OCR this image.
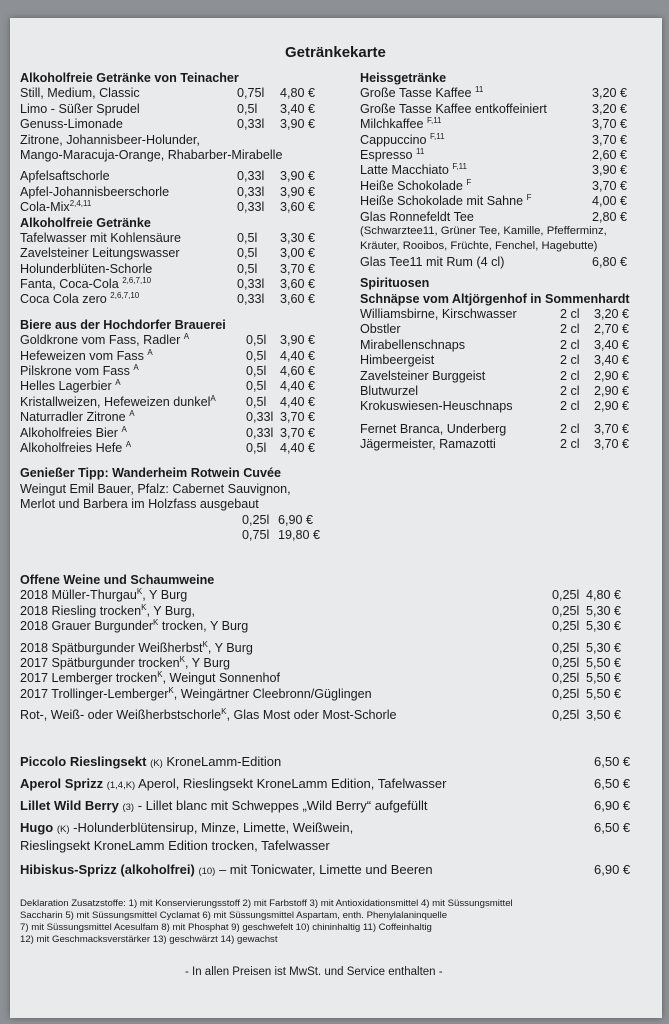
Getränkekarte
Alkoholfreie Getränke von Teinacher
Still, Medium, Classic	0,75l 4,80 €
Limo - Süßer Sprudel	0,5l 3,40 €
Genuss-Limonade	0,33l 3,90 €
Zitrone, Johannisbeer-Holunder,
Mango-Maracuja-Orange, Rhabarber-Mirabelle
Apfelsaftschorle	0,33l 3,90 €
Apfel-Johannisbeerschorle	0,33l 3,90 €
Cola-Mix$^{2,4,11}$	0,33l 3,60 €
Alkoholfreie Getränke
Tafelwasser mit Kohlensäure	0,5l 3,30 €
Zavelsteiner Leitungswasser	0,5l 3,00 €
Holunderblüten-Schorle	0,5l 3,70 €
Fanta, Coca-Cola $^{2,6,7,10}$	0,33l 3,60 €
Coca Cola zero $^{2,6,7,10}$	0,33l 3,60 €
Biere aus der Hochdorfer Brauerei
Goldkrone vom Fass, Radler $^A$	0,5l 3,90 €
Hefeweizen vom Fass $^A$	0,5l 4,40 €
Pilskrone vom Fass $^A$	0,5l 4,60 €
Helles Lagerbier $^A$	0,5l 4,40 €
Kristallweizen, Hefeweizen dunkel$^A$ 0,5l 4,40 €
Naturradler Zitrone $^A$	0,33l 3,70 €
Alkoholfreies Bier $^A$	0,33l 3,70 €
Alkoholfreies Hefe $^A$	0,5l 4,40 €
Genießer Tipp: Wanderheim Rotwein Cuvée
Weingut Emil Bauer, Pfalz: Cabernet Sauvignon,
Merlot und Barbera im Holzfass ausgebaut
0,25l 6,90 €
0,75l 19,80 €
Heissgetränke
Große Tasse Kaffee $^{11}$	3,20 €
Große Tasse Kaffee entkoffeiniert	3,20 €
Milchkaffee $^{F,11}$	3,70 €
Cappuccino $^{F,11}$	3,70 €
Espresso $^{11}$	2,60 €
Latte Macchiato $^{F,11}$	3,90 €
Heiße Schokolade $^F$	3,70 €
Heiße Schokolade mit Sahne $^F$	4,00 €
Glas Ronnefeldt Tee	2,80 €
(Schwarztee11, Grüner Tee, Kamille, Pfefferminz,
Kräuter, Rooibos, Früchte, Fenchel, Hagebutte)
Glas Tee11 mit Rum (4 cl)	6,80 €
Spirituosen
Schnäpse vom Altjörgenhof in Sommenhardt
Williamsbirne, Kirschwasser	2 cl 3,20 €
Obstler	2 cl 2,70 €
Mirabellenschnaps	2 cl 3,40 €
Himbeergeist	2 cl 3,40 €
Zavelsteiner Burggeist	2 cl 2,90 €
Blutwurzel	2 cl 2,90 €
Krokuswiesen-Heuschnaps	2 cl 2,90 €
Fernet Branca, Underberg	2 cl 3,70 €
Jägermeister, Ramazotti	2 cl 3,70 €
Offene Weine und Schaumweine
2018 Müller-Thurgau$^K$, Y Burg	0,25l 4,80 €
2018 Riesling trocken$^K$, Y Burg,	0,25l 5,30 €
2018 Grauer Burgunder$^K$ trocken, Y Burg	0,25l 5,30 €
2018 Spätburgunder Weißherbst$^K$, Y Burg	0,25l 5,30 €
2017 Spätburgunder trocken$^K$, Y Burg	0,25l 5,50 €
2017 Lemberger trocken$^K$, Weingut Sonnenhof	0,25l 5,50 €
2017 Trollinger-Lemberger$^K$, Weingärtner Cleebronn/Güglingen	0,25l 5,50 €
Rot-, Weiß- oder Weißherbstschorle$^K$, Glas Most oder Most-Schorle	0,25l 3,50 €
Piccolo Rieslingsekt (K) KroneLamm-Edition	6,50 €
Aperol Sprizz (1,4,K) Aperol, Rieslingsekt KroneLamm Edition, Tafelwasser	6,50 €
Lillet Wild Berry (3) - Lillet blanc mit Schweppes „Wild Berry“ aufgefüllt	6,90 €
Hugo (K) -Holunderblütensirup, Minze, Limette, Weißwein,	6,50 €
Rieslingsekt KroneLamm Edition trocken, Tafelwasser
Hibiskus-Sprizz (alkoholfrei) (10) – mit Tonicwater, Limette und Beeren	6,90 €
Deklaration Zusatzstoffe: 1) mit Konservierungsstoff 2) mit Farbstoff 3) mit Antioxidationsmittel 4) mit Süssungsmittel
Saccharin 5) mit Süssungsmittel Cyclamat 6) mit Süssungsmittel Aspartam, enth. Phenylalaninquelle
7) mit Süssungsmittel Acesulfam 8) mit Phosphat 9) geschwefelt 10) chininhaltig 11) Coffeinhaltig
12) mit Geschmacksverstärker 13) geschwärzt 14) gewachst
- In allen Preisen ist MwSt. und Service enthalten -
